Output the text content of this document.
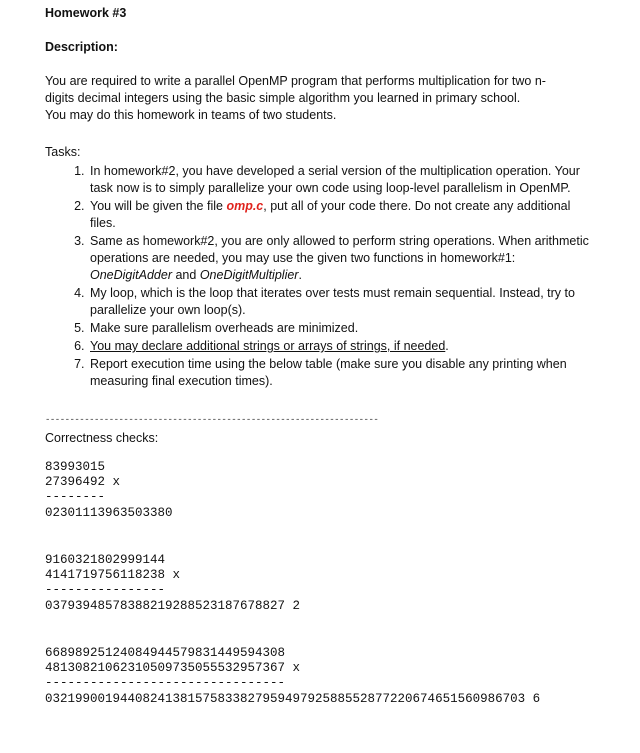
Homework #3

Description:

You are required to write a parallel OpenMP program that performs multiplication for two n-

digits decimal integers using the basic simple algorithm you learned in primary school.

You may do this homework in teams of two students.

Tasks:

1. In homework#2, you have developed a serial version of the multiplication operation. Your task now is to simply parallelize your own code using loop-level parallelism in OpenMP.
2. You will be given the file omp.c, put all of your code there. Do not create any additional files.
3. Same as homework#2, you are only allowed to perform string operations. When arithmetic operations are needed, you may use the given two functions in homework#1: OneDigitAdder and OneDigitMultiplier.
4. My loop, which is the loop that iterates over tests must remain sequential. Instead, try to parallelize your own loop(s).
5. Make sure parallelism overheads are minimized.
6. You may declare additional strings or arrays of strings, if needed.
7. Report execution time using the below table (make sure you disable any printing when measuring final execution times).
--------------------------------------------------------------------

Correctness checks:

83993015

27396492 x

--------

02301113963503380

9160321802999144

4141719756118238 x

----------------

03793948578388219288523187678827 2

66898925124084944579831449594308

48130821062310509735055532957367 x

--------------------------------

0321990019440824138157583382795949792588552877220674651560986703 6
